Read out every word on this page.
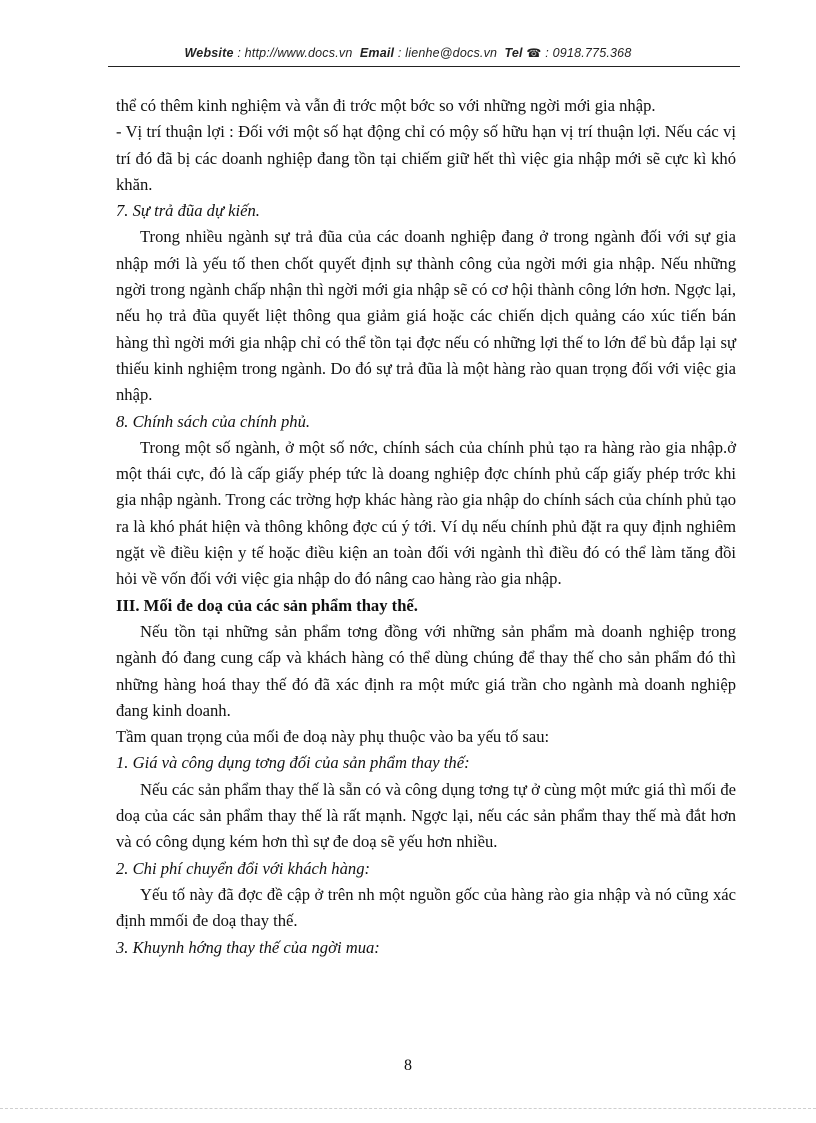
Website : http://www.docs.vn Email : lienhe@docs.vn Tel ☎ : 0918.775.368

thể có thêm kinh nghiệm và vẫn đi trớc một bớc so với những ngời mới gia nhập.

- Vị trí thuận lợi : Đối với một số hạt động chỉ có mộy số hữu hạn vị trí thuận lợi. Nếu các vị trí đó đã bị các doanh nghiệp đang tồn tại chiếm giữ hết thì việc gia nhập mới sẽ cực kì khó khăn.

7. Sự trả đũa dự kiến.

Trong nhiều ngành sự trả đũa của các doanh nghiệp đang ở trong ngành đối với sự gia nhập mới là yếu tố then chốt quyết định sự thành công của ngời mới gia nhập. Nếu những ngời trong ngành chấp nhận thì ngời mới gia nhập sẽ có cơ hội thành công lớn hơn. Ngợc lại, nếu họ trả đũa quyết liệt thông qua giảm giá hoặc các chiến dịch quảng cáo xúc tiến bán hàng thì ngời mới gia nhập chỉ có thể tồn tại đợc nếu có những lợi thế to lớn để bù đắp lại sự thiếu kinh nghiệm trong ngành. Do đó sự trả đũa là một hàng rào quan trọng đối với việc gia nhập.

8. Chính sách của chính phủ.

Trong một số ngành, ở một số nớc, chính sách của chính phủ tạo ra hàng rào gia nhập.ở một thái cực, đó là cấp giấy phép tức là doang nghiệp đợc chính phủ cấp giấy phép trớc khi gia nhập ngành. Trong các trờng hợp khác hàng rào gia nhập do chính sách của chính phủ tạo ra là khó phát hiện và thông không đợc cú ý tới. Ví dụ nếu chính phủ đặt ra quy định nghiêm ngặt về điều kiện y tế hoặc điều kiện an toàn đối với ngành thì điều đó có thể làm tăng đồi hỏi về vốn đối với việc gia nhập do đó nâng cao hàng rào gia nhập.

III. Mối đe doạ của các sản phẩm thay thế.

Nếu tồn tại những sản phẩm tơng đồng với những sản phẩm mà doanh nghiệp trong ngành đó đang cung cấp và khách hàng có thể dùng chúng để thay thế cho sản phẩm đó thì những hàng hoá thay thế đó đã xác định ra một mức giá trần cho ngành mà doanh nghiệp đang kinh doanh.

Tầm quan trọng của mối đe doạ này phụ thuộc vào ba yếu tố sau:

1. Giá và công dụng tơng đối của sản phẩm thay thế:

Nếu các sản phẩm thay thế là sẵn có và công dụng tơng tự ở cùng một mức giá thì mối đe doạ của các sản phẩm thay thế là rất mạnh. Ngợc lại, nếu các sản phẩm thay thế mà đắt hơn và có công dụng kém hơn thì sự đe doạ sẽ yếu hơn nhiều.

2. Chi phí chuyển đổi với khách hàng:

Yếu tố này đã đợc đề cập ở trên nh một nguồn gốc của hàng rào gia nhập và nó cũng xác định mmối đe doạ thay thế.

3. Khuynh hớng thay thế của ngời mua:

8
